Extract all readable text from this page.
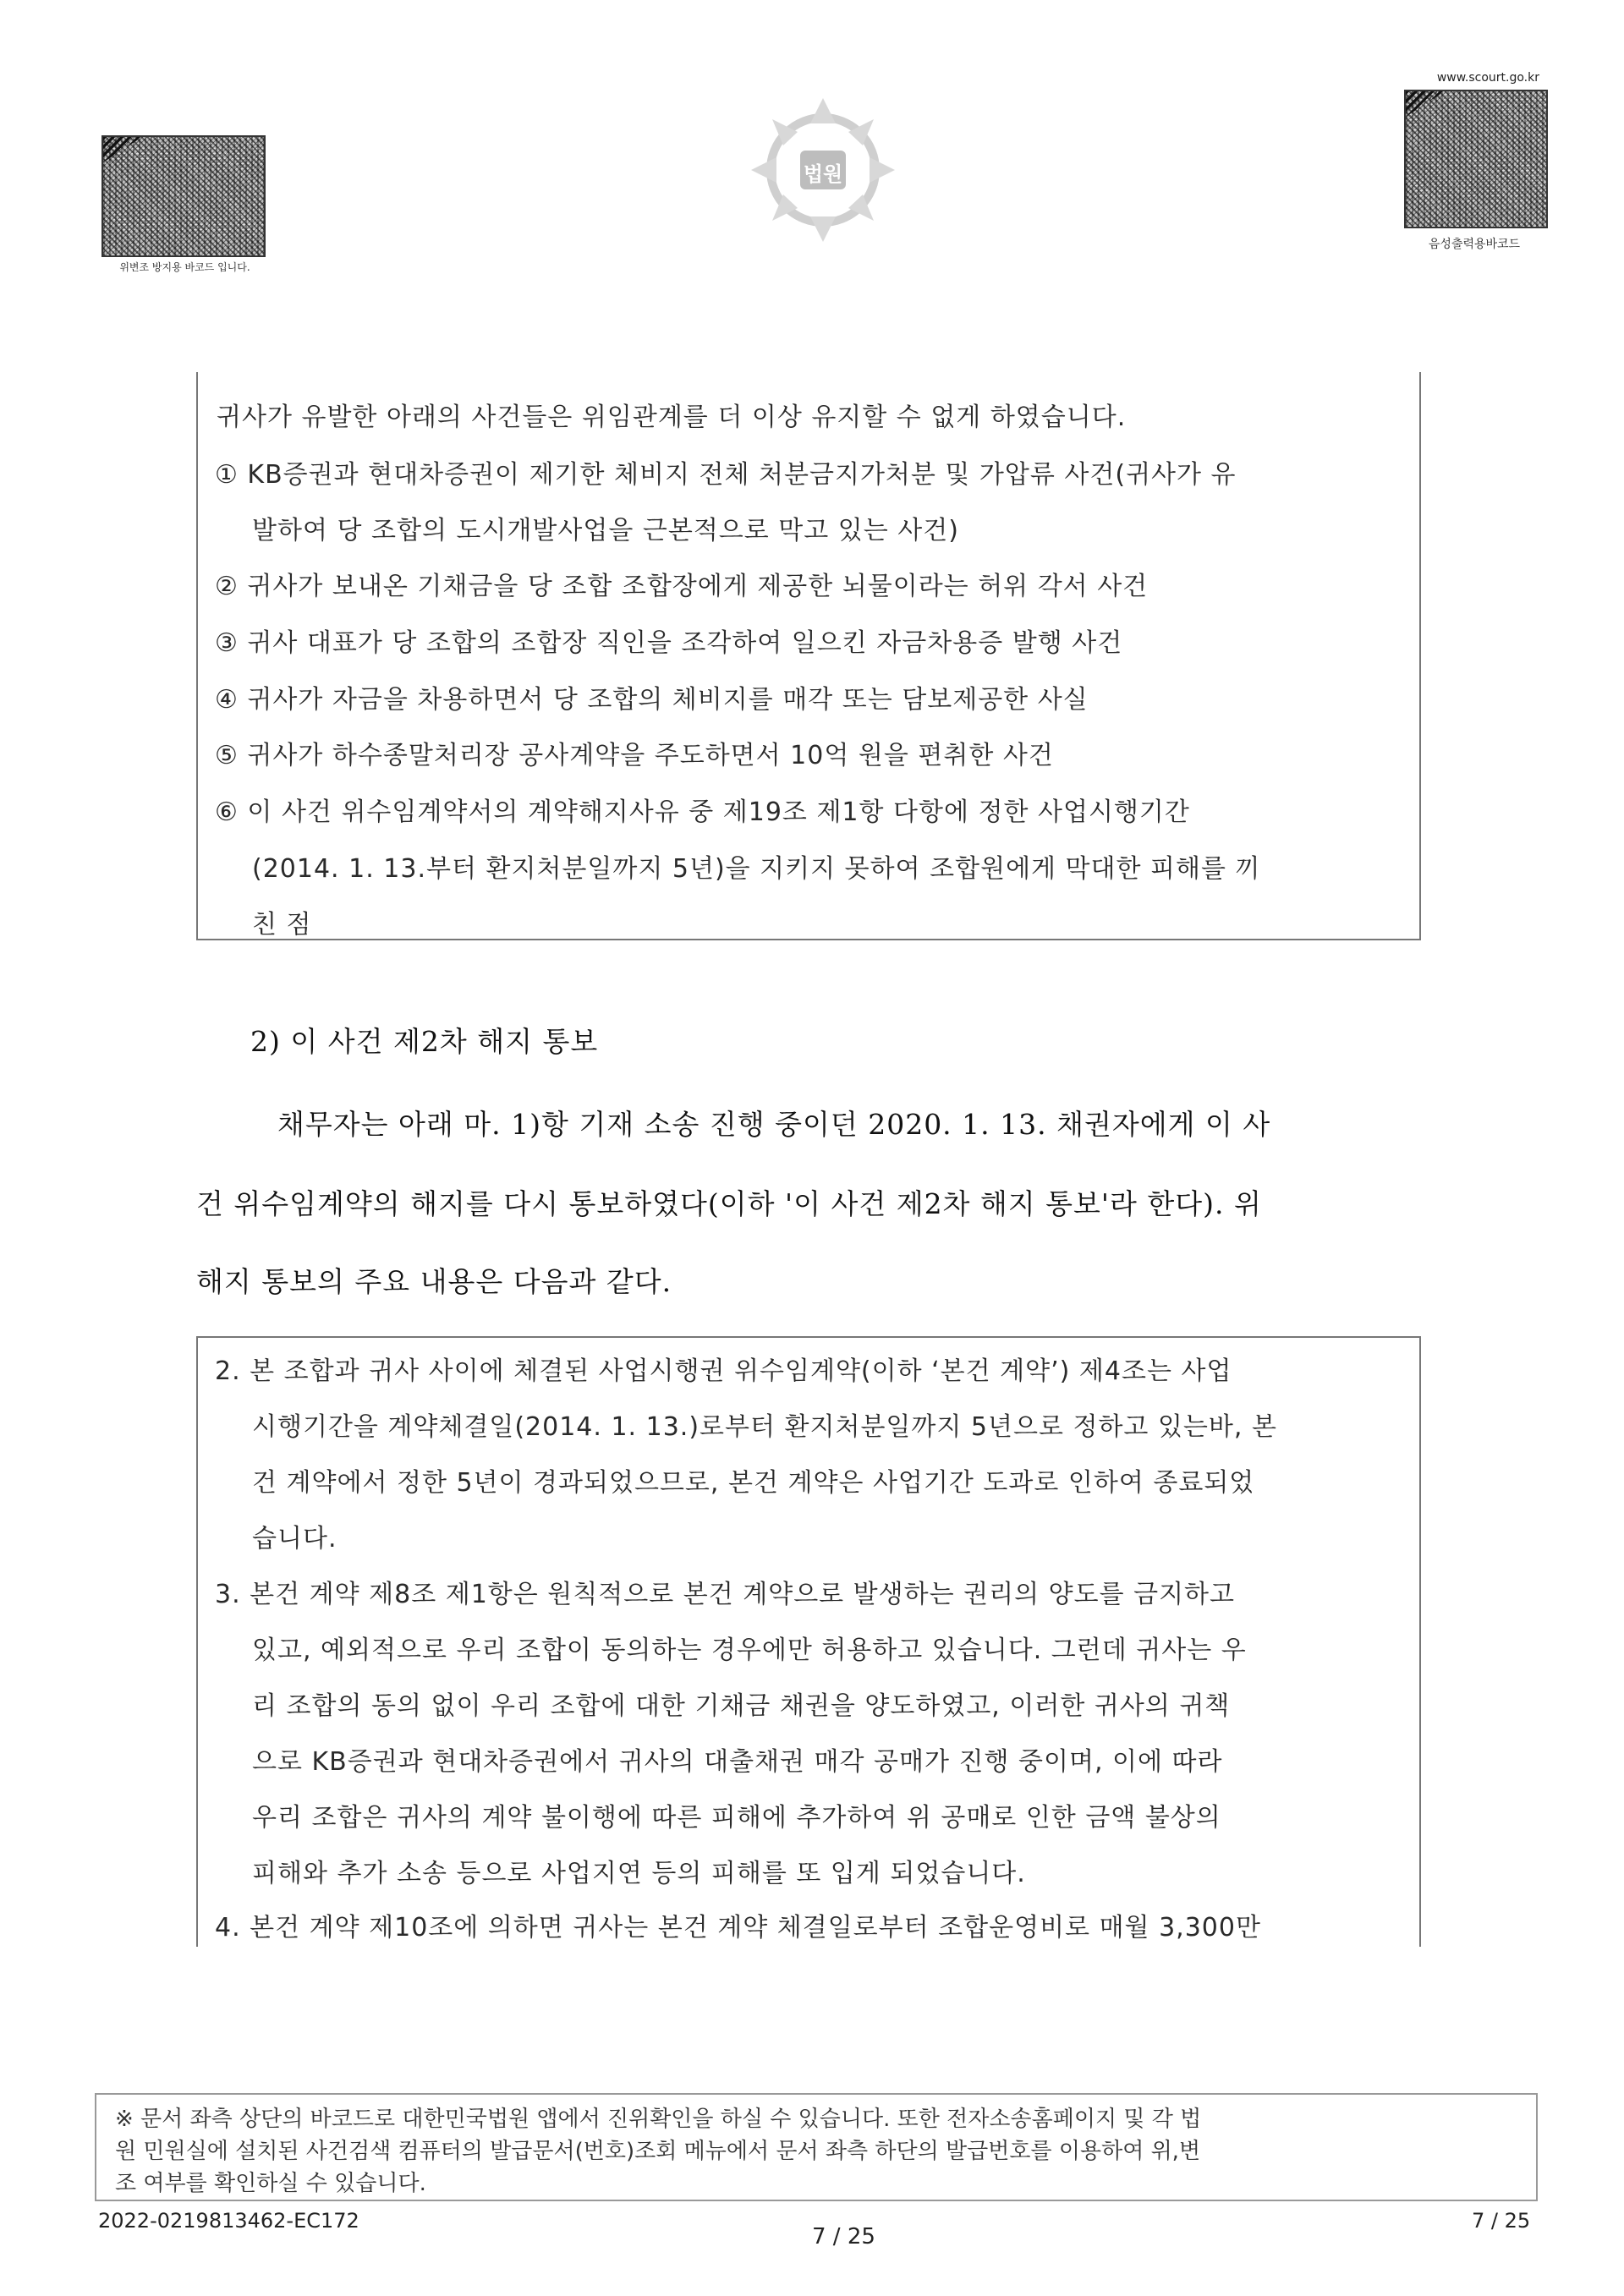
위변조 방지용 바코드 입니다.
법원
www.scourt.go.kr
음성출력용바코드
귀사가 유발한 아래의 사건들은 위임관계를 더 이상 유지할 수 없게 하였습니다.
① KB증권과 현대차증권이 제기한 체비지 전체 처분금지가처분 및 가압류 사건(귀사가 유
발하여 당 조합의 도시개발사업을 근본적으로 막고 있는 사건)
② 귀사가 보내온 기채금을 당 조합 조합장에게 제공한 뇌물이라는 허위 각서 사건
③ 귀사 대표가 당 조합의 조합장 직인을 조각하여 일으킨 자금차용증 발행 사건
④ 귀사가 자금을 차용하면서 당 조합의 체비지를 매각 또는 담보제공한 사실
⑤ 귀사가 하수종말처리장 공사계약을 주도하면서 10억 원을 편취한 사건
⑥ 이 사건 위수임계약서의 계약해지사유 중 제19조 제1항 다항에 정한 사업시행기간
(2014. 1. 13.부터 환지처분일까지 5년)을 지키지 못하여 조합원에게 막대한 피해를 끼
친 점
2) 이 사건 제2차 해지 통보
채무자는 아래 마. 1)항 기재 소송 진행 중이던 2020. 1. 13. 채권자에게 이 사
건 위수임계약의 해지를 다시 통보하였다(이하 '이 사건 제2차 해지 통보'라 한다). 위
해지 통보의 주요 내용은 다음과 같다.
2. 본 조합과 귀사 사이에 체결된 사업시행권 위수임계약(이하 ‘본건 계약’) 제4조는 사업
시행기간을 계약체결일(2014. 1. 13.)로부터 환지처분일까지 5년으로 정하고 있는바, 본
건 계약에서 정한 5년이 경과되었으므로, 본건 계약은 사업기간 도과로 인하여 종료되었
습니다.
3. 본건 계약 제8조 제1항은 원칙적으로 본건 계약으로 발생하는 권리의 양도를 금지하고
있고, 예외적으로 우리 조합이 동의하는 경우에만 허용하고 있습니다. 그런데 귀사는 우
리 조합의 동의 없이 우리 조합에 대한 기채금 채권을 양도하였고, 이러한 귀사의 귀책
으로 KB증권과 현대차증권에서 귀사의 대출채권 매각 공매가 진행 중이며, 이에 따라
우리 조합은 귀사의 계약 불이행에 따른 피해에 추가하여 위 공매로 인한 금액 불상의
피해와 추가 소송 등으로 사업지연 등의 피해를 또 입게 되었습니다.
4. 본건 계약 제10조에 의하면 귀사는 본건 계약 체결일로부터 조합운영비로 매월 3,300만
※ 문서 좌측 상단의 바코드로 대한민국법원 앱에서 진위확인을 하실 수 있습니다. 또한 전자소송홈페이지 및 각 법
원 민원실에 설치된 사건검색 컴퓨터의 발급문서(번호)조회 메뉴에서 문서 좌측 하단의 발급번호를 이용하여 위,변
조 여부를 확인하실 수 있습니다.
2022-0219813462-EC172
7 / 25
7 / 25
